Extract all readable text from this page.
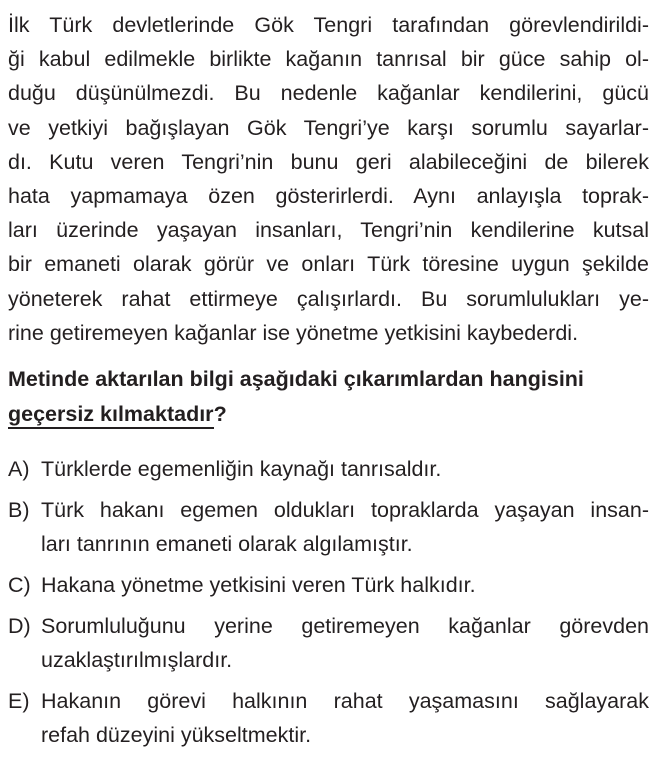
İlk Türk devletlerinde Gök Tengri tarafından görevlendirildi-
ği kabul edilmekle birlikte kağanın tanrısal bir güce sahip ol-
duğu düşünülmezdi. Bu nedenle kağanlar kendilerini, gücü
ve yetkiyi bağışlayan Gök Tengri’ye karşı sorumlu sayarlar-
dı. Kutu veren Tengri’nin bunu geri alabileceğini de bilerek
hata yapmamaya özen gösterirlerdi. Aynı anlayışla toprak-
ları üzerinde yaşayan insanları, Tengri’nin kendilerine kutsal
bir emaneti olarak görür ve onları Türk töresine uygun şekilde
yöneterek rahat ettirmeye çalışırlardı. Bu sorumlulukları ye-
rine getiremeyen kağanlar ise yönetme yetkisini kaybederdi.
Metinde aktarılan bilgi aşağıdaki çıkarımlardan hangisini
geçersiz kılmaktadır?
A) Türklerde egemenliğin kaynağı tanrısaldır.
B) Türk hakanı egemen oldukları topraklarda yaşayan insan-
ları tanrının emaneti olarak algılamıştır.
C) Hakana yönetme yetkisini veren Türk halkıdır.
D) Sorumluluğunu yerine getiremeyen kağanlar görevden
uzaklaştırılmışlardır.
E) Hakanın görevi halkının rahat yaşamasını sağlayarak
refah düzeyini yükseltmektir.
